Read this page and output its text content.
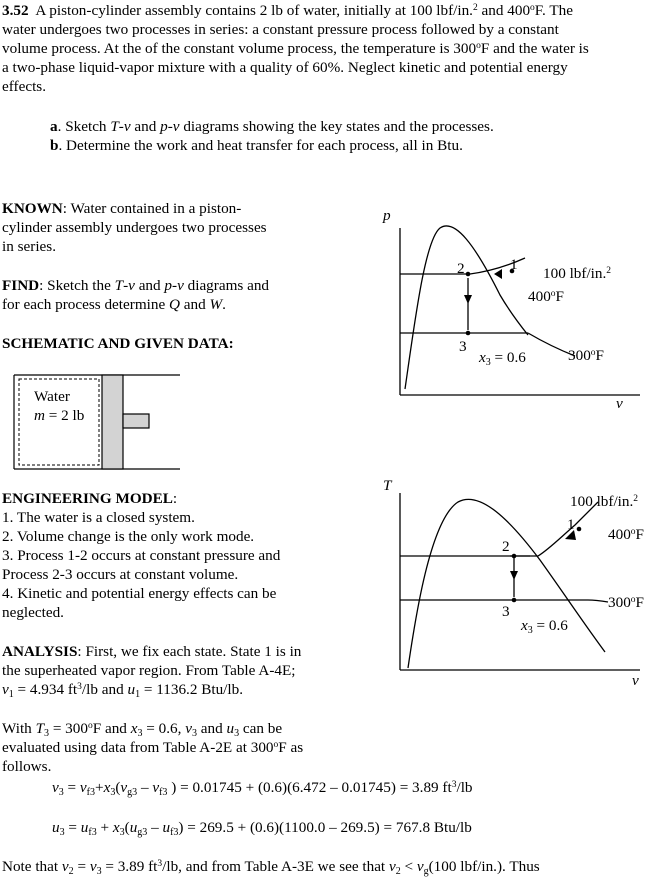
3.52 A piston-cylinder assembly contains 2 lb of water, initially at 100 lbf/in.$^2$ and 400$^o$F. The
water undergoes two processes in series: a constant pressure process followed by a constant
volume process. At the of the constant volume process, the temperature is 300$^o$F and the water is
a two-phase liquid-vapor mixture with a quality of 60%. Neglect kinetic and potential energy
effects.
a. Sketch T-v and p-v diagrams showing the key states and the processes.
b. Determine the work and heat transfer for each process, all in Btu.
KNOWN: Water contained in a piston-
cylinder assembly undergoes two processes
in series.
FIND: Sketch the T-v and p-v diagrams and
for each process determine Q and W.
SCHEMATIC AND GIVEN DATA:
Water
m = 2 lb
ENGINEERING MODEL:
1. The water is a closed system.
2. Volume change is the only work mode.
3. Process 1-2 occurs at constant pressure and
Process 2-3 occurs at constant volume.
4. Kinetic and potential energy effects can be
neglected.
ANALYSIS: First, we fix each state. State 1 is in
the superheated vapor region. From Table A-4E;
$v_1 = 4.934$ $ft^3/lb$ and $u_1 = 1136.2$ Btu/lb.
With $T_3 = 300^oF$ and $x_3 = 0.6$, $v_3$ and $u_3$ can be
evaluated using data from Table A-2E at 300$^o$F as
follows.
$v_3 = v_{f3}+x_3(v_{g3} - v_{f3}$ ) = 0.01745 + (0.6)(6.472 – 0.01745) = 3.89 $ft^3/lb$
$u_3 = u_{f3} + x_3(u_{g3} - u_{f3}) = 269.5 + (0.6)(1100.0 - 269.5) = 767.8$ Btu/lb
Note that $v_2 = v_3 = 3.89$ $ft^3/lb$, and from Table A-3E we see that $v_2 < v_g(100$ lbf/in.). Thus
p
v
1
2
3
100 lbf/in.$^2$
400$^o$F
300$^o$F
$x_3 = 0.6$
T
v
1
2
3
100 lbf/in.$^2$
400$^o$F
300$^o$F
$x_3 = 0.6$
